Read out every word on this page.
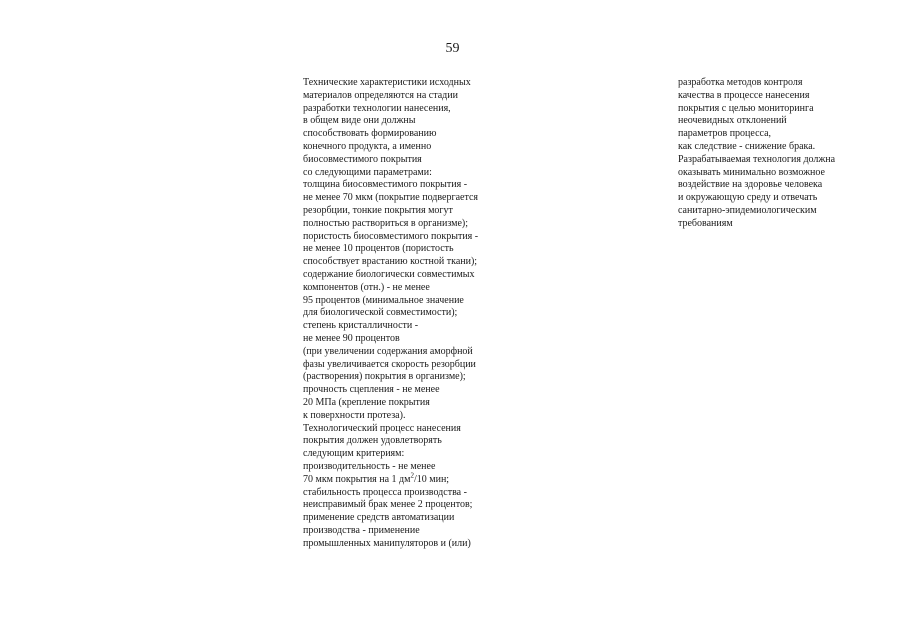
59
Технические характеристики исходных
материалов определяются на стадии
разработки технологии нанесения,
в общем виде они должны
способствовать формированию
конечного продукта, а именно
биосовместимого покрытия
со следующими параметрами:
толщина биосовместимого покрытия -
не менее 70 мкм (покрытие подвергается
резорбции, тонкие покрытия могут
полностью раствориться в организме);
пористость биосовместимого покрытия -
не менее 10 процентов (пористость
способствует врастанию костной ткани);
содержание биологически совместимых
компонентов (отн.) - не менее
95 процентов (минимальное значение
для биологической совместимости);
степень кристалличности -
не менее 90 процентов
(при увеличении содержания аморфной
фазы увеличивается скорость резорбции
(растворения) покрытия в организме);
прочность сцепления - не менее
20 МПа (крепление покрытия
к поверхности протеза).
Технологический процесс нанесения
покрытия должен удовлетворять
следующим критериям:
производительность - не менее
70 мкм покрытия на 1 $дм^2/10$ мин;
стабильность процесса производства -
неисправимый брак менее 2 процентов;
применение средств автоматизации
производства - применение
промышленных манипуляторов и (или)
разработка методов контроля
качества в процессе нанесения
покрытия с целью мониторинга
неочевидных отклонений
параметров процесса,
как следствие - снижение брака.
Разрабатываемая технология должна
оказывать минимально возможное
воздействие на здоровье человека
и окружающую среду и отвечать
санитарно-эпидемиологическим
требованиям
